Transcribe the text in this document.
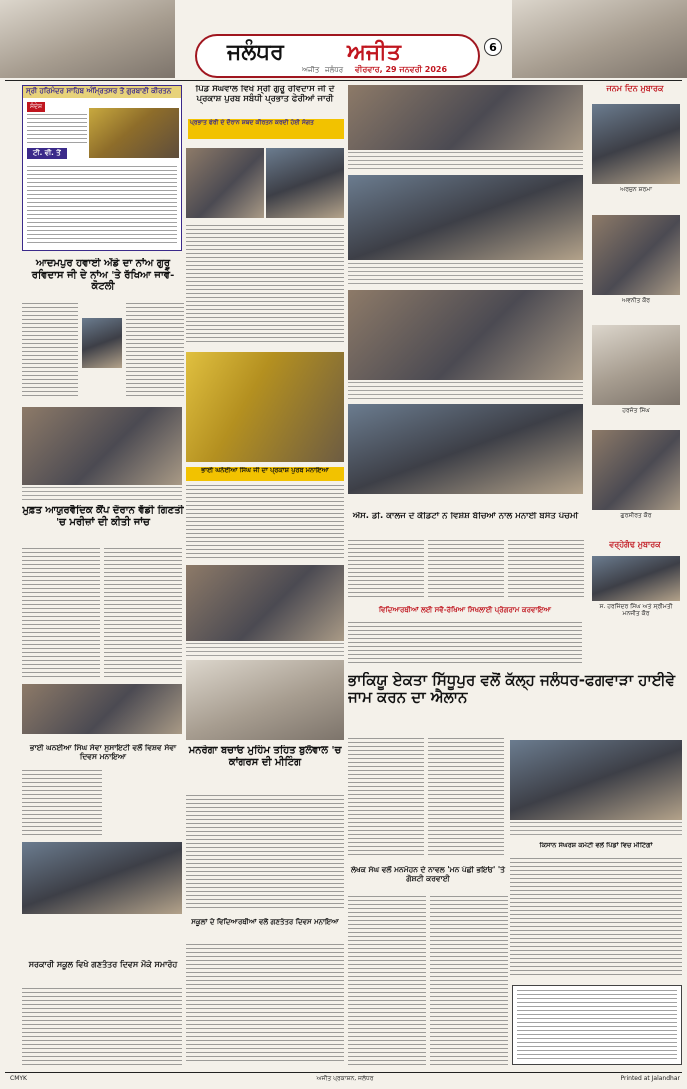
ਜਲੰਧਰ	ਅਜੀਤ
ਅਜੀਤ ਜਲੰਧਰ ਵੀਰਵਾਰ, 29 ਜਨਵਰੀ 2026
6
ਸ੍ਰੀ ਹਰਿਮੰਦਰ ਸਾਹਿਬ ਅੰਮ੍ਰਿਤਸਰ ਤੋਂ ਗੁਰਬਾਣੀ ਕੀਰਤਨ
ਸੰਦੇਸ਼
ਟੀ. ਵੀ. ਤੋਂ
ਆਦਮਪੁਰ ਹਵਾਈ ਅੱਡੇ ਦਾ ਨਾਂਅ ਗੁਰੂ ਰਵਿਦਾਸ ਜੀ ਦੇ ਨਾਂਅ 'ਤੇ ਰੱਖਿਆ ਜਾਵੇ- ਕੋਟਲੀ
ਮੁਫ਼ਤ ਆਯੁਰਵੈਦਿਕ ਕੈਂਪ ਦੌਰਾਨ ਵੱਡੀ ਗਿਣਤੀ 'ਚ ਮਰੀਜ਼ਾਂ ਦੀ ਕੀਤੀ ਜਾਂਚ
ਭਾਈ ਘਨਈਆ ਸਿੰਘ ਸੇਵਾ ਸੁਸਾਇਟੀ ਵਲੋਂ ਵਿਸ਼ਵ ਸੇਵਾ ਦਿਵਸ ਮਨਾਇਆ
ਸਰਕਾਰੀ ਸਕੂਲ ਵਿਖੇ ਗਣਤੰਤਰ ਦਿਵਸ ਮੌਕੇ ਸਮਾਰੋਹ
ਪਿੰਡ ਸੰਘਵਾਲ ਵਿਖੇ ਸ੍ਰੀ ਗੁਰੂ ਰਵਿਦਾਸ ਜੀ ਦੇ ਪ੍ਰਕਾਸ਼ ਪੁਰਬ ਸਬੰਧੀ ਪ੍ਰਭਾਤ ਫੇਰੀਆਂ ਜਾਰੀ
ਪ੍ਰਭਾਤ ਫੇਰੀ ਦੇ ਦੌਰਾਨ ਸ਼ਬਦ ਕੀਰਤਨ ਕਰਦੀ ਹੋਈ ਸੰਗਤ
ਭਾਈ ਘਨੱਈਆ ਸਿੰਘ ਜੀ ਦਾ ਪ੍ਰਕਾਸ਼ ਪੁਰਬ ਮਨਾਇਆ
ਮਨਰੇਗਾ ਬਚਾਓ ਮੁਹਿੰਮ ਤਹਿਤ ਬੁਲੋਵਾਲ 'ਚ ਕਾਂਗਰਸ ਦੀ ਮੀਟਿੰਗ
ਸਕੂਲਾਂ ਦੇ ਵਿਦਿਆਰਥੀਆਂ ਵਲੋਂ ਗਣਤੰਤਰ ਦਿਵਸ ਮਨਾਇਆ
ਐੱਸ. ਡੀ. ਕਾਲਜ ਦੇ ਕੈਡਿਟਾਂ ਨੇ ਵਿਸ਼ੇਸ਼ ਬੱਚਿਆਂ ਨਾਲ ਮਨਾਈ ਬਸੰਤ ਪੰਚਮੀ
ਜਨਮ ਦਿਨ ਮੁਬਾਰਕ
ਅਰਜੁਨ ਸ਼ਰਮਾ
ਅਵਨੀਤ ਕੌਰ
ਹਰਜੋਤ ਸਿੰਘ
ਗੁਰਸੀਰਤ ਕੌਰ
ਵਰ੍ਹੇਗੰਢ ਮੁਬਾਰਕ
ਸ. ਹਰਜਿੰਦਰ ਸਿੰਘ ਅਤੇ ਸ੍ਰੀਮਤੀ ਮਨਜੀਤ ਕੌਰ
ਵਿਦਿਆਰਥੀਆਂ ਲਈ ਸਵੈ-ਰੱਖਿਆ ਸਿਖਲਾਈ ਪ੍ਰੋਗਰਾਮ ਕਰਵਾਇਆ
ਭਾਕਿਯੂ ਏਕਤਾ ਸਿੱਧੂਪੁਰ ਵਲੋਂ ਕੱਲ੍ਹ ਜਲੰਧਰ-ਫਗਵਾੜਾ ਹਾਈਵੇ ਜਾਮ ਕਰਨ ਦਾ ਐਲਾਨ
ਕਿਸਾਨ ਸੰਘਰਸ਼ ਕਮੇਟੀ ਵਲੋਂ ਪਿੰਡਾਂ ਵਿਚ ਮੀਟਿੰਗਾਂ
ਲੇਖਕ ਸੰਘ ਵਲੋਂ ਮਨਮੋਹਨ ਦੇ ਨਾਵਲ 'ਮਨ ਪੰਛੀ ਭਇਓ' 'ਤੇ ਗੋਸ਼ਟੀ ਕਰਵਾਈ
CMYK	ਅਜੀਤ ਪ੍ਰਕਾਸ਼ਨ, ਜਲੰਧਰ	Printed at Jalandhar
